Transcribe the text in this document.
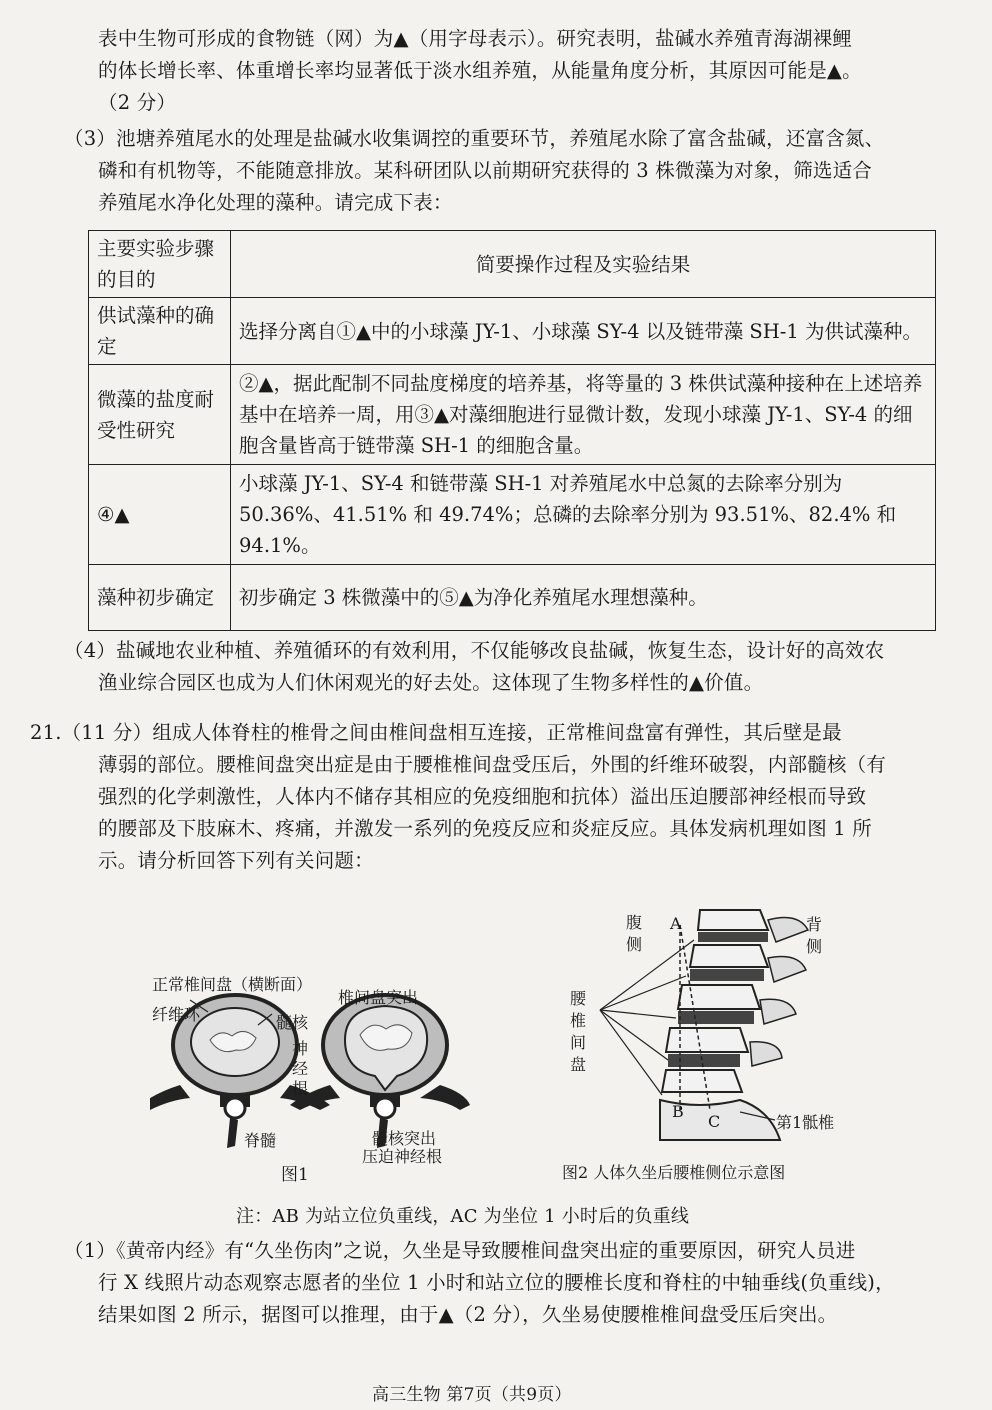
表中生物可形成的食物链（网）为▲（用字母表示）。研究表明，盐碱水养殖青海湖裸鲤
的体长增长率、体重增长率均显著低于淡水组养殖，从能量角度分析，其原因可能是▲。
（2 分）
（3）池塘养殖尾水的处理是盐碱水收集调控的重要环节，养殖尾水除了富含盐碱，还富含氮、
磷和有机物等，不能随意排放。某科研团队以前期研究获得的 3 株微藻为对象，筛选适合
养殖尾水净化处理的藻种。请完成下表：
主要实验步骤的目的	简要操作过程及实验结果
供试藻种的确定	选择分离自①▲中的小球藻 JY-1、小球藻 SY-4 以及链带藻 SH-1 为供试藻种。
微藻的盐度耐受性研究	②▲，据此配制不同盐度梯度的培养基，将等量的 3 株供试藻种接种在上述培养基中在培养一周，用③▲对藻细胞进行显微计数，发现小球藻 JY-1、SY-4 的细胞含量皆高于链带藻 SH-1 的细胞含量。
④▲	小球藻 JY-1、SY-4 和链带藻 SH-1 对养殖尾水中总氮的去除率分别为 50.36%、41.51% 和 49.74%；总磷的去除率分别为 93.51%、82.4% 和 94.1%。
藻种初步确定	初步确定 3 株微藻中的⑤▲为净化养殖尾水理想藻种。
（4）盐碱地农业种植、养殖循环的有效利用，不仅能够改良盐碱，恢复生态，设计好的高效农
渔业综合园区也成为人们休闲观光的好去处。这体现了生物多样性的▲价值。
21.（11 分）组成人体脊柱的椎骨之间由椎间盘相互连接，正常椎间盘富有弹性，其后壁是最
薄弱的部位。腰椎间盘突出症是由于腰椎椎间盘受压后，外围的纤维环破裂，内部髓核（有
强烈的化学刺激性，人体内不储存其相应的免疫细胞和抗体）溢出压迫腰部神经根而导致
的腰部及下肢麻木、疼痛，并激发一系列的免疫反应和炎症反应。具体发病机理如图 1 所
示。请分析回答下列有关问题：
正常椎间盘（横断面）
椎间盘突出
纤维环	髓核
神
经
根
脊髓	髓核突出
压迫神经根
图1
腹
侧
背
侧
腰
椎
间
盘
A
B
C	第1骶椎
图2 人体久坐后腰椎侧位示意图
注：AB 为站立位负重线，AC 为坐位 1 小时后的负重线
（1）《黄帝内经》有“久坐伤肉”之说，久坐是导致腰椎间盘突出症的重要原因，研究人员进
行 X 线照片动态观察志愿者的坐位 1 小时和站立位的腰椎长度和脊柱的中轴垂线(负重线)，
结果如图 2 所示，据图可以推理，由于▲（2 分），久坐易使腰椎椎间盘受压后突出。
高三生物 第7页（共9页）
